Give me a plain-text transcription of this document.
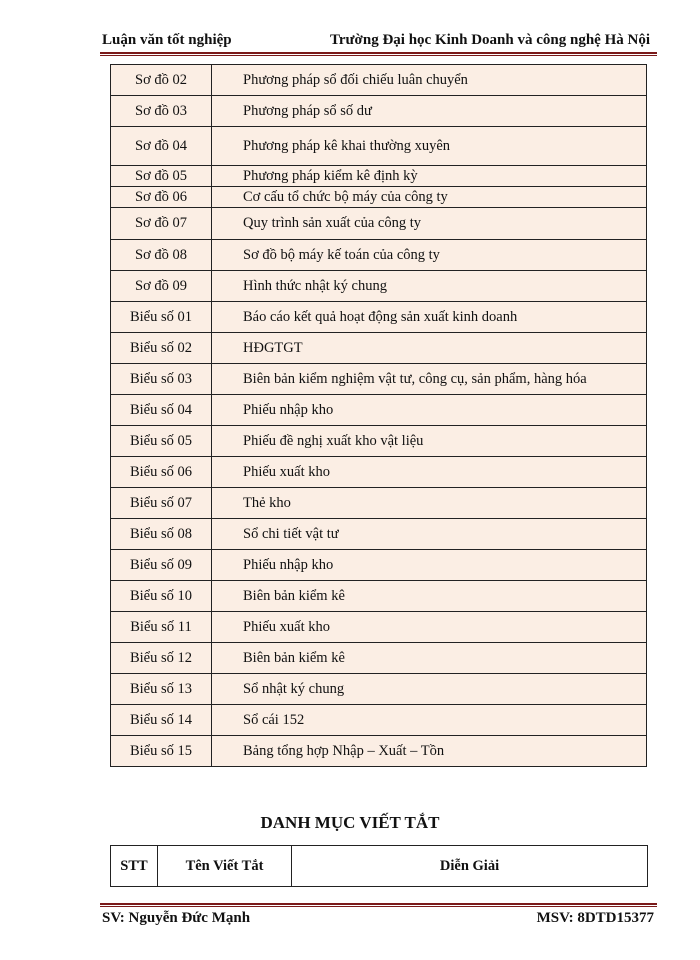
Luận văn tốt nghiệp	Trường Đại học Kinh Doanh và công nghệ Hà Nội
Sơ đồ 02	Phương pháp sổ đối chiếu luân chuyển
Sơ đồ 03	Phương pháp sổ số dư
Sơ đồ 04	Phương pháp kê khai thường xuyên
Sơ đồ 05	Phương pháp kiểm kê định kỳ
Sơ đồ 06	Cơ cấu tổ chức bộ máy của công ty
Sơ đồ 07	Quy trình sản xuất của công ty
Sơ đồ 08	Sơ đồ bộ máy kế toán của công ty
Sơ đồ 09	Hình thức nhật ký chung
Biểu số 01	Báo cáo kết quả hoạt động sản xuất kinh doanh
Biểu số 02	HĐGTGT
Biểu số 03	Biên bản kiểm nghiệm vật tư, công cụ, sản phẩm, hàng hóa
Biểu số 04	Phiếu nhập kho
Biểu số 05	Phiếu đề nghị xuất kho vật liệu
Biểu số 06	Phiếu xuất kho
Biểu số 07	Thẻ kho
Biểu số 08	Sổ chi tiết vật tư
Biểu số 09	Phiếu nhập kho
Biểu số 10	Biên bản kiểm kê
Biểu số 11	Phiếu xuất kho
Biểu số 12	Biên bản kiểm kê
Biểu số 13	Sổ nhật ký chung
Biểu số 14	Sổ cái 152
Biểu số 15	Bảng tổng hợp Nhập – Xuất – Tồn
DANH MỤC VIẾT TẮT
STT	Tên Viết Tắt	Diễn Giải
SV: Nguyễn Đức Mạnh	MSV: 8DTD15377
